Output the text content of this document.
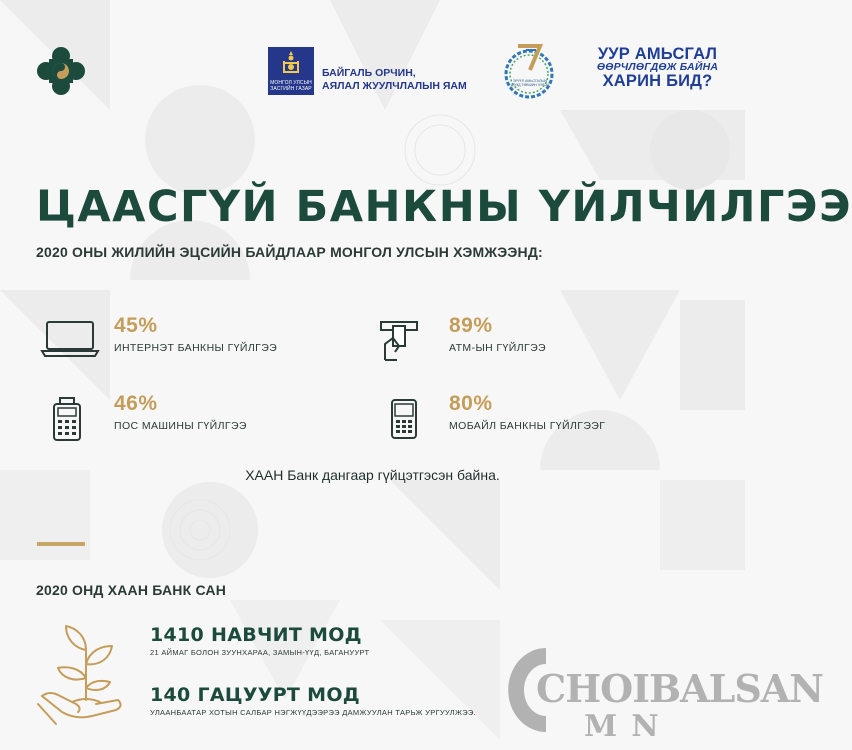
МОНГОЛ УЛСЫН ЗАСГИЙН ГАЗАР
БАЙГАЛЬ ОРЧИН,
АЯЛАЛ ЖУУЛЧЛАЛЫН ЯАМ	ЭРҮҮЛ АМЬСГАЛЫН ДЭЭД ТӨВШИН ХҮРЭХ
УУР АМЬСГАЛ
ӨӨРЧЛӨГДӨЖ БАЙНА
ХАРИН БИД?
ЦААСГҮЙ БАНКНЫ ҮЙЛЧИЛГЭЭ
2020 ОНЫ ЖИЛИЙН ЭЦСИЙН БАЙДЛААР МОНГОЛ УЛСЫН ХЭМЖЭЭНД:
45%
ИНТЕРНЭТ БАНКНЫ ГҮЙЛГЭЭ
89%
АТМ-ЫН ГҮЙЛГЭЭ
46%
ПОС МАШИНЫ ГҮЙЛГЭЭ
80%
МОБАЙЛ БАНКНЫ ГҮЙЛГЭЭГ
ХААН Банк дангаар гүйцэтгэсэн байна.
2020 ОНД ХААН БАНК САН
1410 НАВЧИТ МОД
21 АЙМАГ БОЛОН ЗУУНХАРАА, ЗАМЫН-ҮҮД, БАГАНУУРТ
140 ГАЦУУРТ МОД
УЛААНБААТАР ХОТЫН САЛБАР НЭГЖҮҮДЭЭРЭЭ ДАМЖУУЛАН ТАРЬЖ УРГУУЛЖЭЭ.
CHOIBALSAN
MN
